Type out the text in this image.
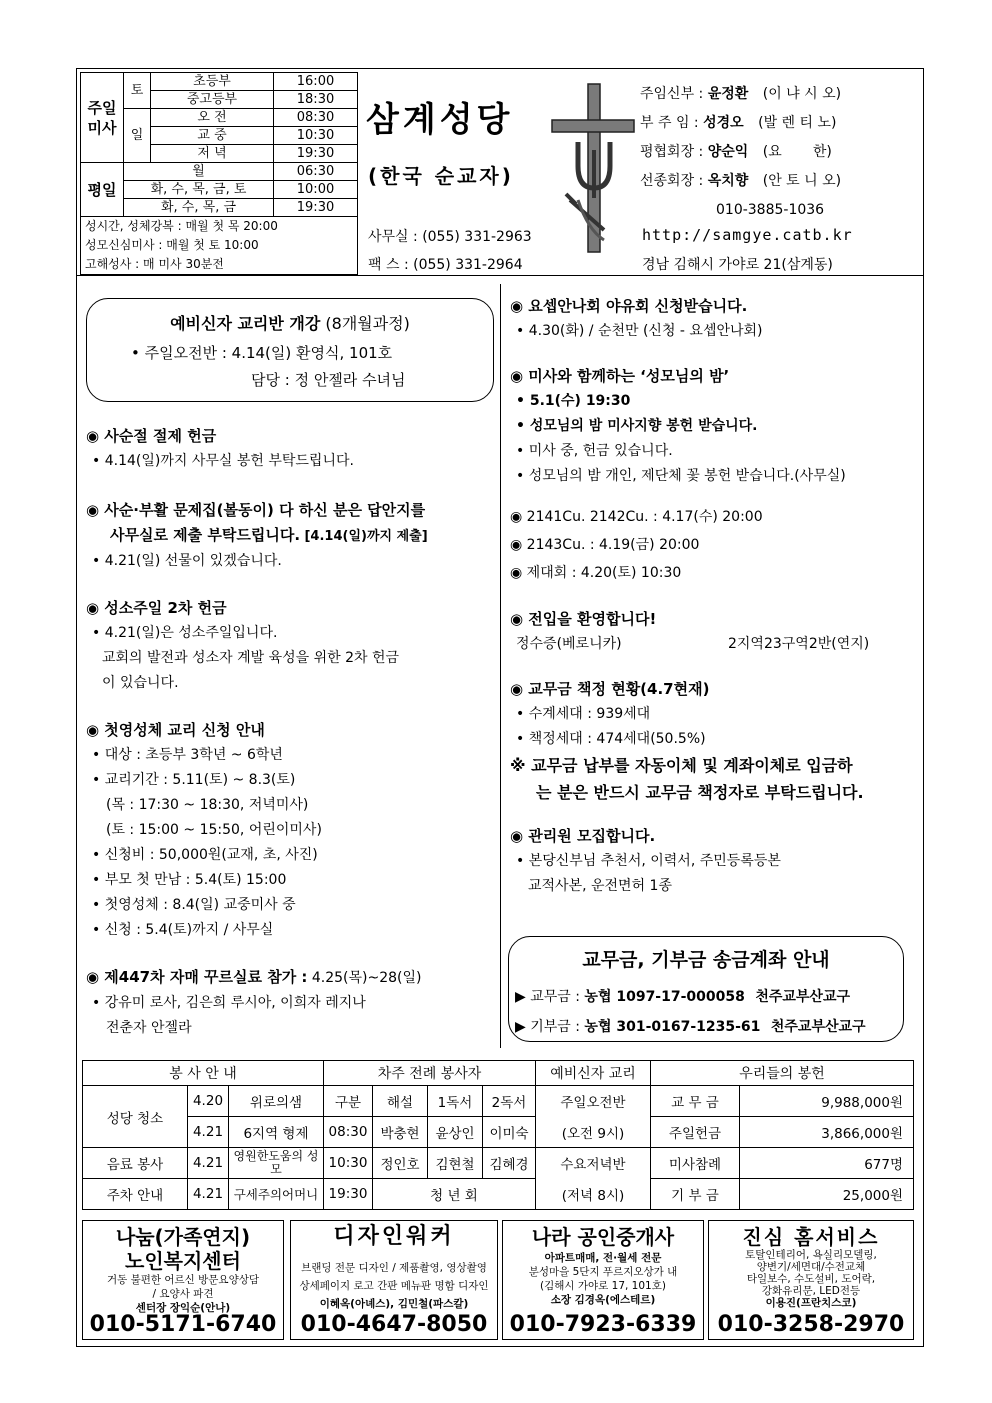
주일
미사	토	초등부	16:00
		중고등부	18:30
	일	오 전	08:30
		교 중	10:30
		저 녁	19:30
평일	월		06:30
	화, 수, 목, 금, 토		10:00
	화, 수, 목, 금		19:30

성시간, 성체강복 : 매월 첫 목 20:00
성모신심미사 : 매월 첫 토 10:00
고해성사 : 매 미사 30분전			
삼계성당
(한국 순교자)
사무실 : (055) 331-2963
팩 스 : (055) 331-2964
주임신부 : 윤정환 (이 냐 시 오)
부 주 임 : 성경오 (발 렌 티 노)
평협회장 : 양순익 (요       한)
선종회장 : 옥치향 (안 토 니 오)
010-3885-1036
http://samgye.catb.kr
경남 김해시 가야로 21(삼계동)
예비신자 교리반 개강 (8개월과정)
• 주일오전반 : 4.14(일) 환영식, 101호
담당 : 정 안젤라 수녀님
◉ 사순절 절제 헌금
• 4.14(일)까지 사무실 봉헌 부탁드립니다.
◉ 사순·부활 문제집(볼동이) 다 하신 분은 답안지를
사무실로 제출 부탁드립니다. [4.14(일)까지 제출]
• 4.21(일) 선물이 있겠습니다.
◉ 성소주일 2차 헌금
• 4.21(일)은 성소주일입니다.
교회의 발전과 성소자 계발 육성을 위한 2차 헌금
이 있습니다.
◉ 첫영성체 교리 신청 안내
• 대상 : 초등부 3학년 ~ 6학년
• 교리기간 : 5.11(토) ~ 8.3(토)
(목 : 17:30 ~ 18:30, 저녁미사)
(토 : 15:00 ~ 15:50, 어린이미사)
• 신청비 : 50,000원(교재, 초, 사진)
• 부모 첫 만남 : 5.4(토) 15:00
• 첫영성체 : 8.4(일) 교중미사 중
• 신청 : 5.4(토)까지 / 사무실
◉ 제447차 자매 꾸르실료 참가 : 4.25(목)~28(일)
• 강유미 로사, 김은희 루시아, 이희자 레지나
전춘자 안젤라
◉ 요셉안나회 야유회 신청받습니다.
• 4.30(화) / 순천만 (신청 - 요셉안나회)
◉ 미사와 함께하는 ‘성모님의 밤’
• 5.1(수) 19:30
• 성모님의 밤 미사지향 봉헌 받습니다.
• 미사 중, 헌금 있습니다.
• 성모님의 밤 개인, 제단체 꽃 봉헌 받습니다.(사무실)
◉ 2141Cu. 2142Cu. : 4.17(수) 20:00
◉ 2143Cu. : 4.19(금) 20:00
◉ 제대회 : 4.20(토) 10:30
◉ 전입을 환영합니다!
정수증(베로니카)	2지역23구역2반(연지)
◉ 교무금 책정 현황(4.7현재)
• 수계세대 : 939세대
• 책정세대 : 474세대(50.5%)
※ 교무금 납부를 자동이체 및 계좌이체로 입금하
는 분은 반드시 교무금 책정자로 부탁드립니다.
◉ 관리원 모집합니다.
• 본당신부님 추천서, 이력서, 주민등록등본
교적사본, 운전면허 1종
교무금, 기부금 송금계좌 안내
▶ 교무금 : 농협 1097-17-000058 천주교부산교구
▶ 기부금 : 농협 301-0167-1235-61 천주교부산교구
봉 사 안 내			차주 전례 봉사자				예비신자 교리	우리들의 봉헌	
성당 청소	4.20	위로의샘	구분	해설	1독서	2독서	주일오전반	교 무 금	9,988,000원
	4.21	6지역 형제	08:30	박충현	윤상인	이미숙	(오전 9시)	주일헌금	3,866,000원
음료 봉사	4.21	영원한도움의 성모	10:30	정인호	김현철	김혜경	수요저녁반	미사참례	677명
주차 안내	4.21	구세주의어머니	19:30	청 년 회			(저녁 8시)	기 부 금	25,000원
나눔(가족연지)
노인복지센터
거동 불편한 어르신 방문요양상담
/ 요양사 파견
센터장 장익순(안나)
010-5171-6740
디자인워커
브랜딩 전문 디자인 / 제품촬영, 영상촬영
상세페이지 로고 간판 메뉴판 명함 디자인
이혜옥(아녜스), 김민철(파스칼)
010-4647-8050
나라 공인중개사
아파트매매, 전·월세 전문
분성마을 5단지 푸르지오상가 내
(김해시 가야로 17, 101호)
소장 김경옥(에스테르)
010-7923-6339
진심 홈서비스
토탈인테리어, 욕실리모델링,
양변기/세면대/수전교체
타일보수, 수도설비, 도어락,
강화유리문, LED전등
이용진(프란치스코)
010-3258-2970
